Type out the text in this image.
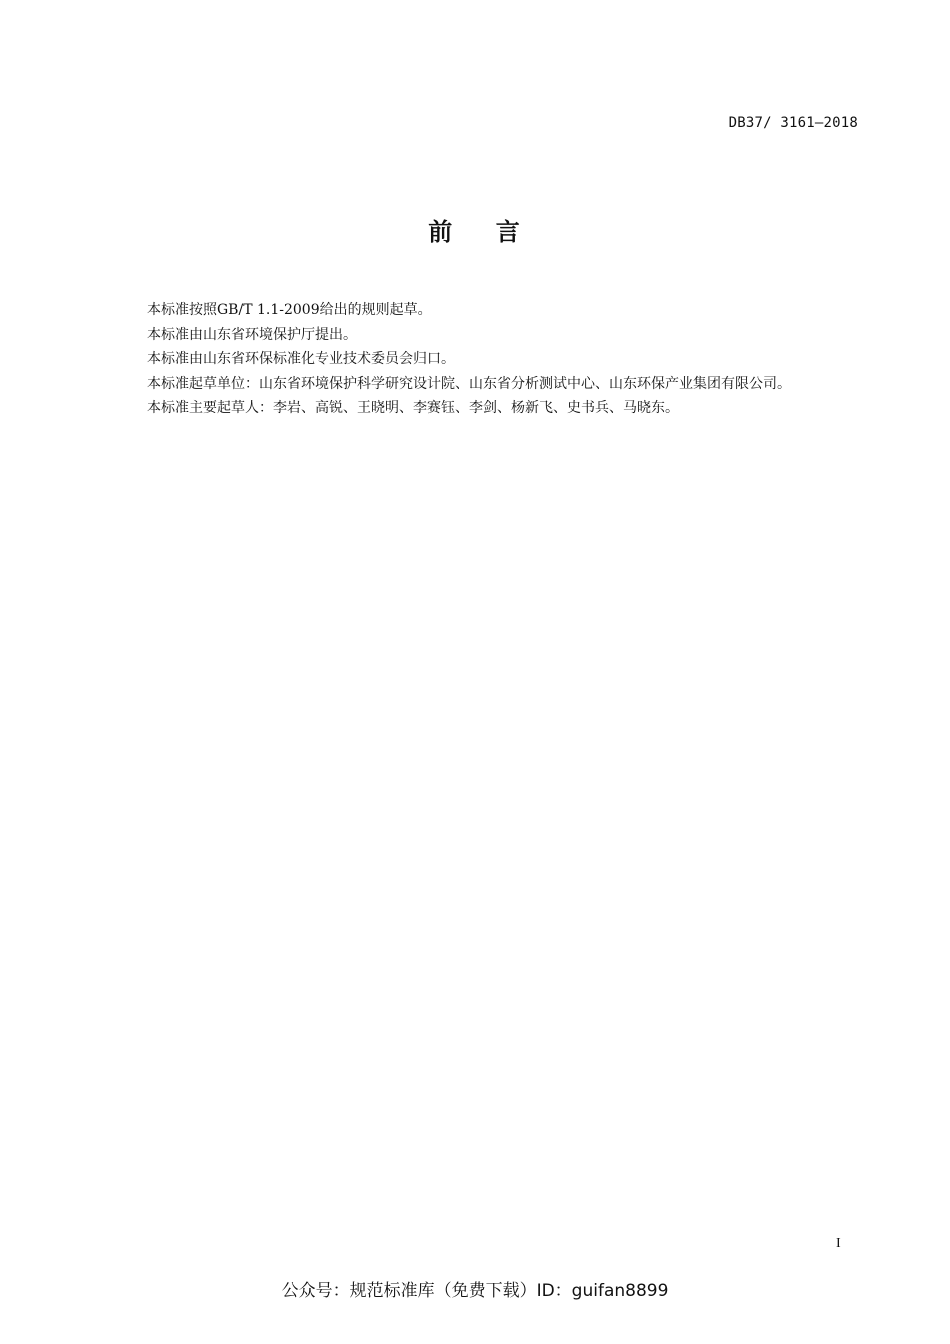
DB37/ 3161—2018
前    言

本标准按照GB/T 1.1-2009给出的规则起草。

本标准由山东省环境保护厅提出。

本标准由山东省环保标准化专业技术委员会归口。

本标准起草单位：山东省环境保护科学研究设计院、山东省分析测试中心、山东环保产业集团有限公司。

本标准主要起草人：李岩、高锐、王晓明、李赛钰、李剑、杨新飞、史书兵、马晓东。

I
公众号：规范标准库（免费下载）ID：guifan8899
